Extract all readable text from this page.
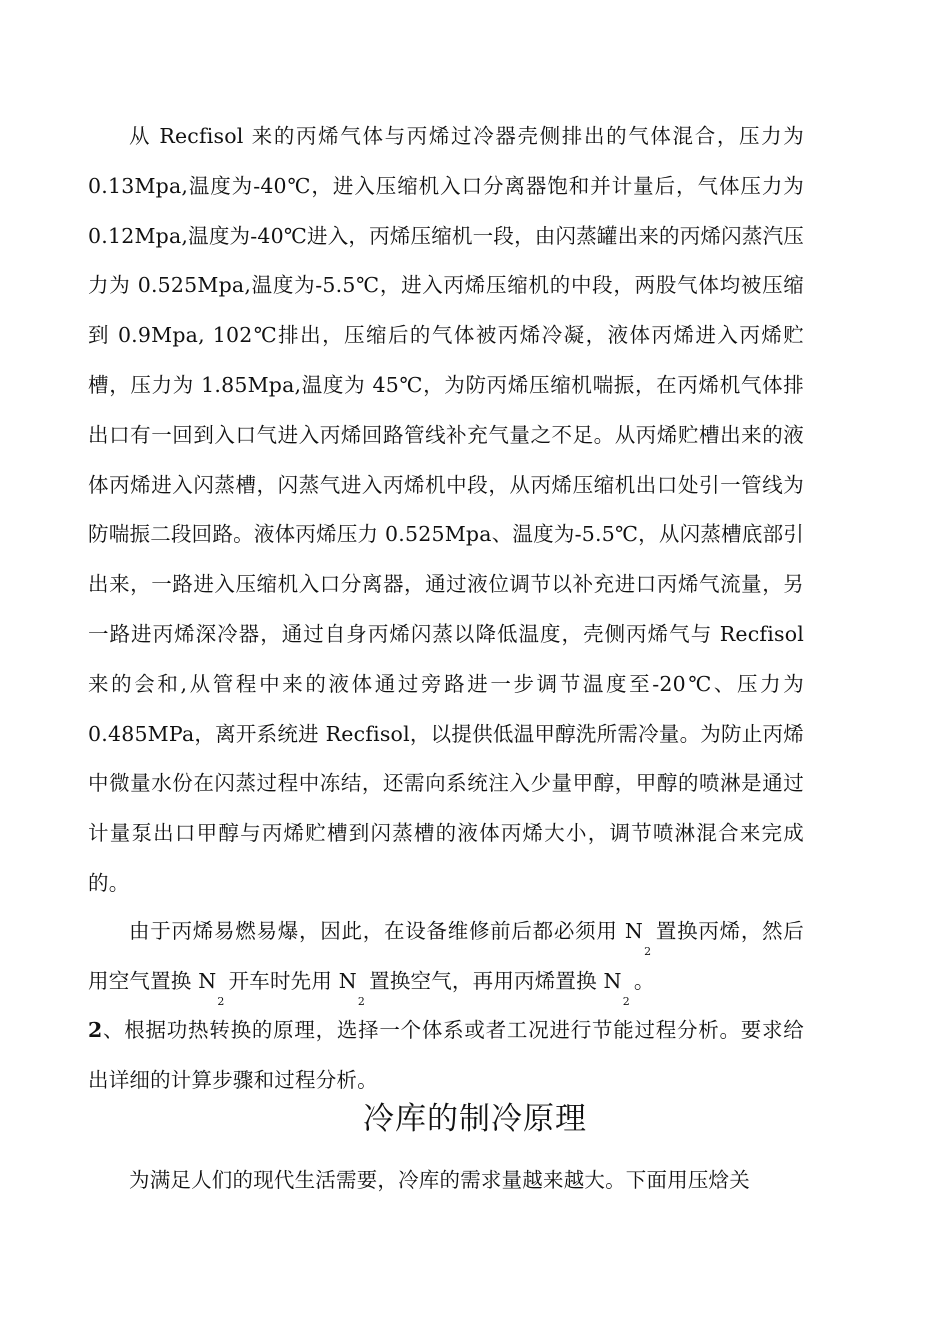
从 Recfisol 来的丙烯气体与丙烯过冷器壳侧排出的气体混合，压力为0.13Mpa,温度为-40℃，进入压缩机入口分离器饱和并计量后，气体压力为0.12Mpa,温度为-40℃进入，丙烯压缩机一段，由闪蒸罐出来的丙烯闪蒸汽压力为 0.525Mpa,温度为-5.5℃，进入丙烯压缩机的中段，两股气体均被压缩到 0.9Mpa, 102℃排出，压缩后的气体被丙烯冷凝，液体丙烯进入丙烯贮槽，压力为 1.85Mpa,温度为 45℃，为防丙烯压缩机喘振，在丙烯机气体排出口有一回到入口气进入丙烯回路管线补充气量之不足。从丙烯贮槽出来的液体丙烯进入闪蒸槽，闪蒸气进入丙烯机中段，从丙烯压缩机出口处引一管线为防喘振二段回路。液体丙烯压力 0.525Mpa、温度为-5.5℃，从闪蒸槽底部引出来，一路进入压缩机入口分离器，通过液位调节以补充进口丙烯气流量，另一路进丙烯深冷器，通过自身丙烯闪蒸以降低温度，壳侧丙烯气与 Recfisol 来的会和,从管程中来的液体通过旁路进一步调节温度至-20℃、压力为 0.485MPa，离开系统进 Recfisol，以提供低温甲醇洗所需冷量。为防止丙烯中微量水份在闪蒸过程中冻结，还需向系统注入少量甲醇，甲醇的喷淋是通过计量泵出口甲醇与丙烯贮槽到闪蒸槽的液体丙烯大小，调节喷淋混合来完成的。

由于丙烯易燃易爆，因此，在设备维修前后都必须用 $N_2$置换丙烯，然后用空气置换 $N_2$开车时先用 $N_2$置换空气，再用丙烯置换 $N_2$。

2、根据功热转换的原理，选择一个体系或者工况进行节能过程分析。要求给出详细的计算步骤和过程分析。

冷库的制冷原理

为满足人们的现代生活需要，冷库的需求量越来越大。下面用压焓关
